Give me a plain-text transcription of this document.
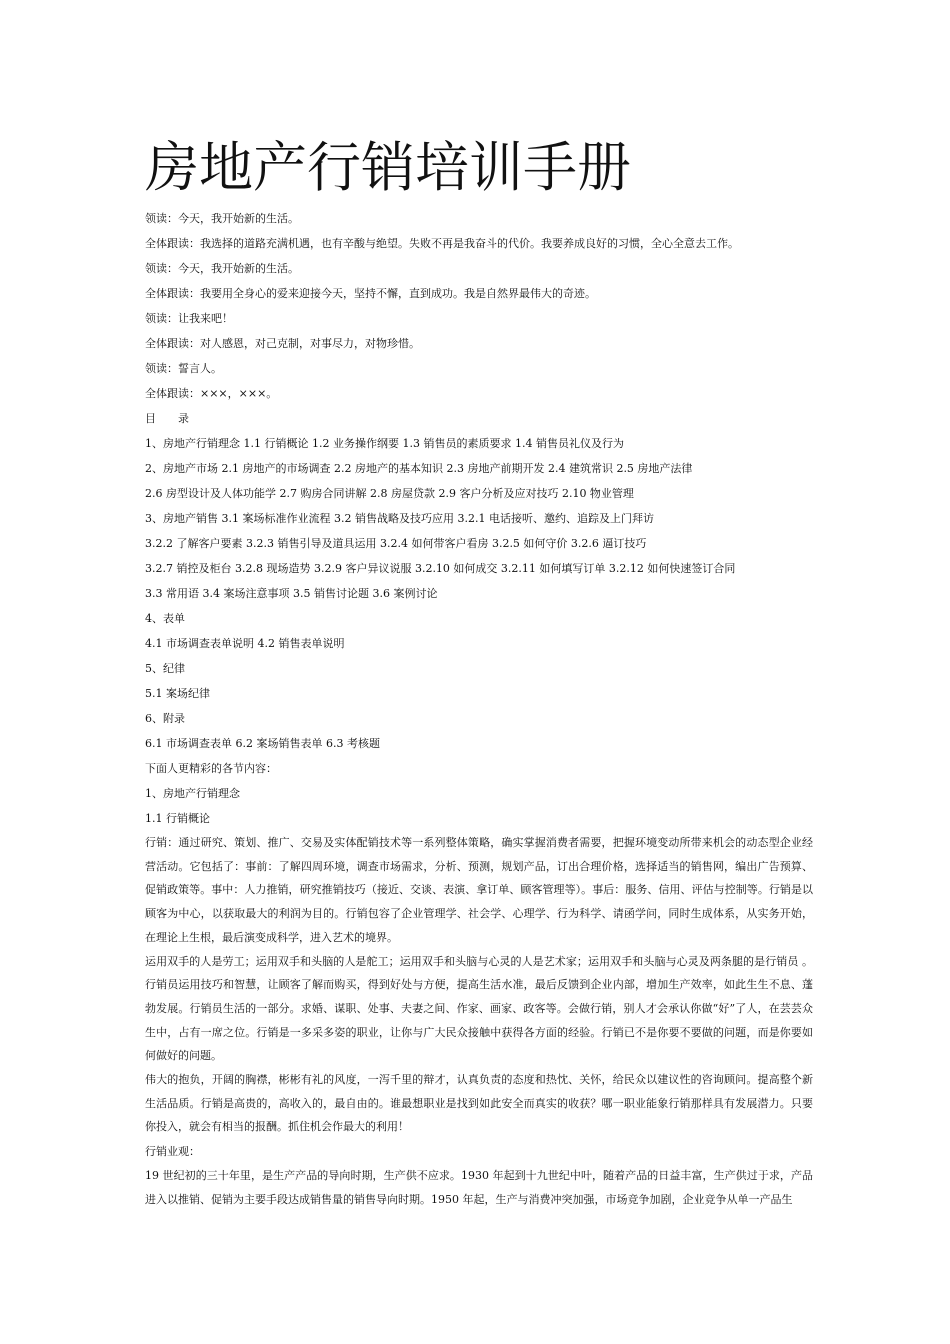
房地产行销培训手册
领读：今天，我开始新的生活。
全体跟读：我选择的道路充满机遇，也有辛酸与绝望。失败不再是我奋斗的代价。我要养成良好的习惯，全心全意去工作。
领读：今天，我开始新的生活。
全体跟读：我要用全身心的爱来迎接今天，坚持不懈，直到成功。我是自然界最伟大的奇迹。
领读：让我来吧！
全体跟读：对人感恩，对己克制，对事尽力，对物珍惜。
领读：誓言人。
全体跟读：×××，×××。
目 录
1、房地产行销理念 1.1 行销概论 1.2 业务操作纲要 1.3 销售员的素质要求 1.4 销售员礼仪及行为
2、房地产市场 2.1 房地产的市场调查 2.2 房地产的基本知识 2.3 房地产前期开发 2.4 建筑常识 2.5 房地产法律
2.6 房型设计及人体功能学 2.7 购房合同讲解 2.8 房屋贷款 2.9 客户分析及应对技巧 2.10 物业管理
3、房地产销售 3.1 案场标准作业流程 3.2 销售战略及技巧应用 3.2.1 电话接听、邀约、追踪及上门拜访
3.2.2 了解客户要素 3.2.3 销售引导及道具运用 3.2.4 如何带客户看房 3.2.5 如何守价 3.2.6 逼订技巧
3.2.7 销控及柜台 3.2.8 现场造势 3.2.9 客户异议说服 3.2.10 如何成交 3.2.11 如何填写订单 3.2.12 如何快速签订合同
3.3 常用语 3.4 案场注意事项 3.5 销售讨论题 3.6 案例讨论
4、表单
4.1 市场调查表单说明 4.2 销售表单说明
5、纪律
5.1 案场纪律
6、附录
6.1 市场调查表单 6.2 案场销售表单 6.3 考核题
下面人更精彩的各节内容：
1、房地产行销理念
1.1 行销概论
行销：通过研究、策划、推广、交易及实体配销技术等一系列整体策略，确实掌握消费者需要，把握环境变动所带来机会的动态型企业经营活动。它包括了：事前：了解四周环境，调查市场需求，分析、预测，规划产品，订出合理价格，选择适当的销售网，编出广告预算、促销政策等。事中：人力推销，研究推销技巧（接近、交谈、表演、拿订单、顾客管理等）。事后：服务、信用、评估与控制等。行销是以顾客为中心，以获取最大的利润为目的。行销包容了企业管理学、社会学、心理学、行为科学、请函学问，同时生成体系，从实务开始，在理论上生根，最后演变成科学，进入艺术的境界。
运用双手的人是劳工；运用双手和头脑的人是舵工；运用双手和头脑与心灵的人是艺术家；运用双手和头脑与心灵及两条腿的是行销员 。行销员运用技巧和智慧，让顾客了解而购买，得到好处与方便，提高生活水准，最后反馈到企业内部，增加生产效率，如此生生不息、蓬勃发展。行销员生活的一部分。求婚、谋职、处事、夫妻之间、作家、画家、政客等。会做行销，别人才会承认你做“好”了人，在芸芸众生中，占有一席之位。行销是一多采多姿的职业，让你与广大民众接触中获得各方面的经验。行销已不是你要不要做的问题，而是你要如何做好的问题。
伟大的抱负，开阔的胸襟，彬彬有礼的风度，一泻千里的辩才，认真负责的态度和热忱、关怀，给民众以建议性的咨询顾问。提高整个新生活品质。行销是高贵的，高收入的，最自由的。谁最想职业是找到如此安全而真实的收获？哪一职业能象行销那样具有发展潜力。只要你投入，就会有相当的报酬。抓住机会作最大的利用！
行销业观：
19 世纪初的三十年里，是生产产品的导向时期，生产供不应求。1930 年起到十九世纪中叶，随着产品的日益丰富，生产供过于求，产品进入以推销、促销为主要手段达成销售量的销售导向时期。1950 年起，生产与消费冲突加强，市场竞争加剧，企业竞争从单一产品生
